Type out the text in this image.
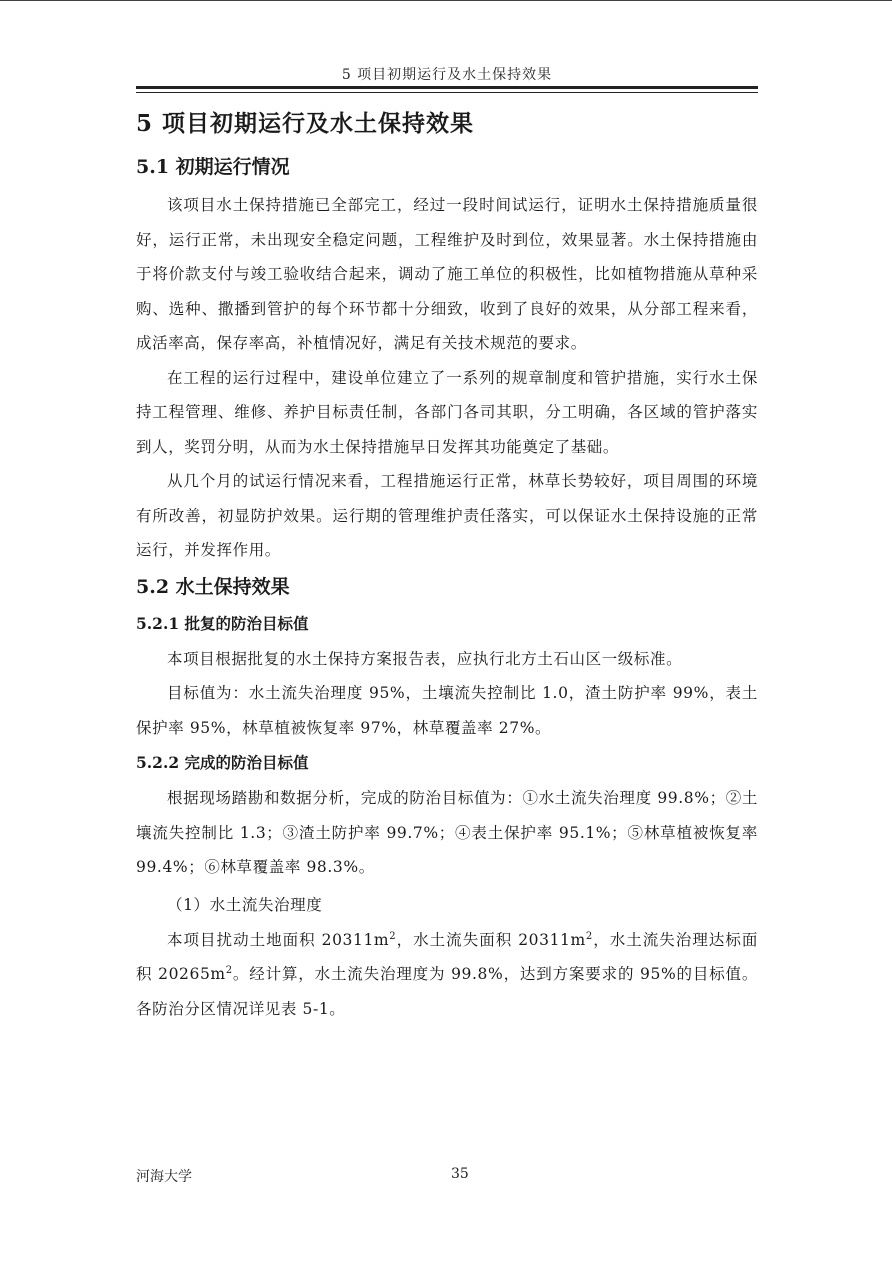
5 项目初期运行及水土保持效果
5 项目初期运行及水土保持效果
5.1 初期运行情况

该项目水土保持措施已全部完工，经过一段时间试运行，证明水土保持措施质量很好，运行正常，未出现安全稳定问题，工程维护及时到位，效果显著。水土保持措施由于将价款支付与竣工验收结合起来，调动了施工单位的积极性，比如植物措施从草种采购、选种、撒播到管护的每个环节都十分细致，收到了良好的效果，从分部工程来看，成活率高，保存率高，补植情况好，满足有关技术规范的要求。

在工程的运行过程中，建设单位建立了一系列的规章制度和管护措施，实行水土保持工程管理、维修、养护目标责任制，各部门各司其职，分工明确，各区域的管护落实到人，奖罚分明，从而为水土保持措施早日发挥其功能奠定了基础。

从几个月的试运行情况来看，工程措施运行正常，林草长势较好，项目周围的环境有所改善，初显防护效果。运行期的管理维护责任落实，可以保证水土保持设施的正常运行，并发挥作用。

5.2 水土保持效果
5.2.1 批复的防治目标值

本项目根据批复的水土保持方案报告表，应执行北方土石山区一级标准。

目标值为：水土流失治理度 95%，土壤流失控制比 1.0，渣土防护率 99%，表土保护率 95%，林草植被恢复率 97%，林草覆盖率 27%。

5.2.2 完成的防治目标值

根据现场踏勘和数据分析，完成的防治目标值为：①水土流失治理度 99.8%；②土壤流失控制比 1.3；③渣土防护率 99.7%；④表土保护率 95.1%；⑤林草植被恢复率 99.4%；⑥林草覆盖率 98.3%。

（1）水土流失治理度

本项目扰动土地面积 $20311m^2$，水土流失面积 $20311m^2$，水土流失治理达标面积 $20265m^2$。经计算，水土流失治理度为 99.8%，达到方案要求的 95%的目标值。各防治分区情况详见表 5-1。

河海大学	35
